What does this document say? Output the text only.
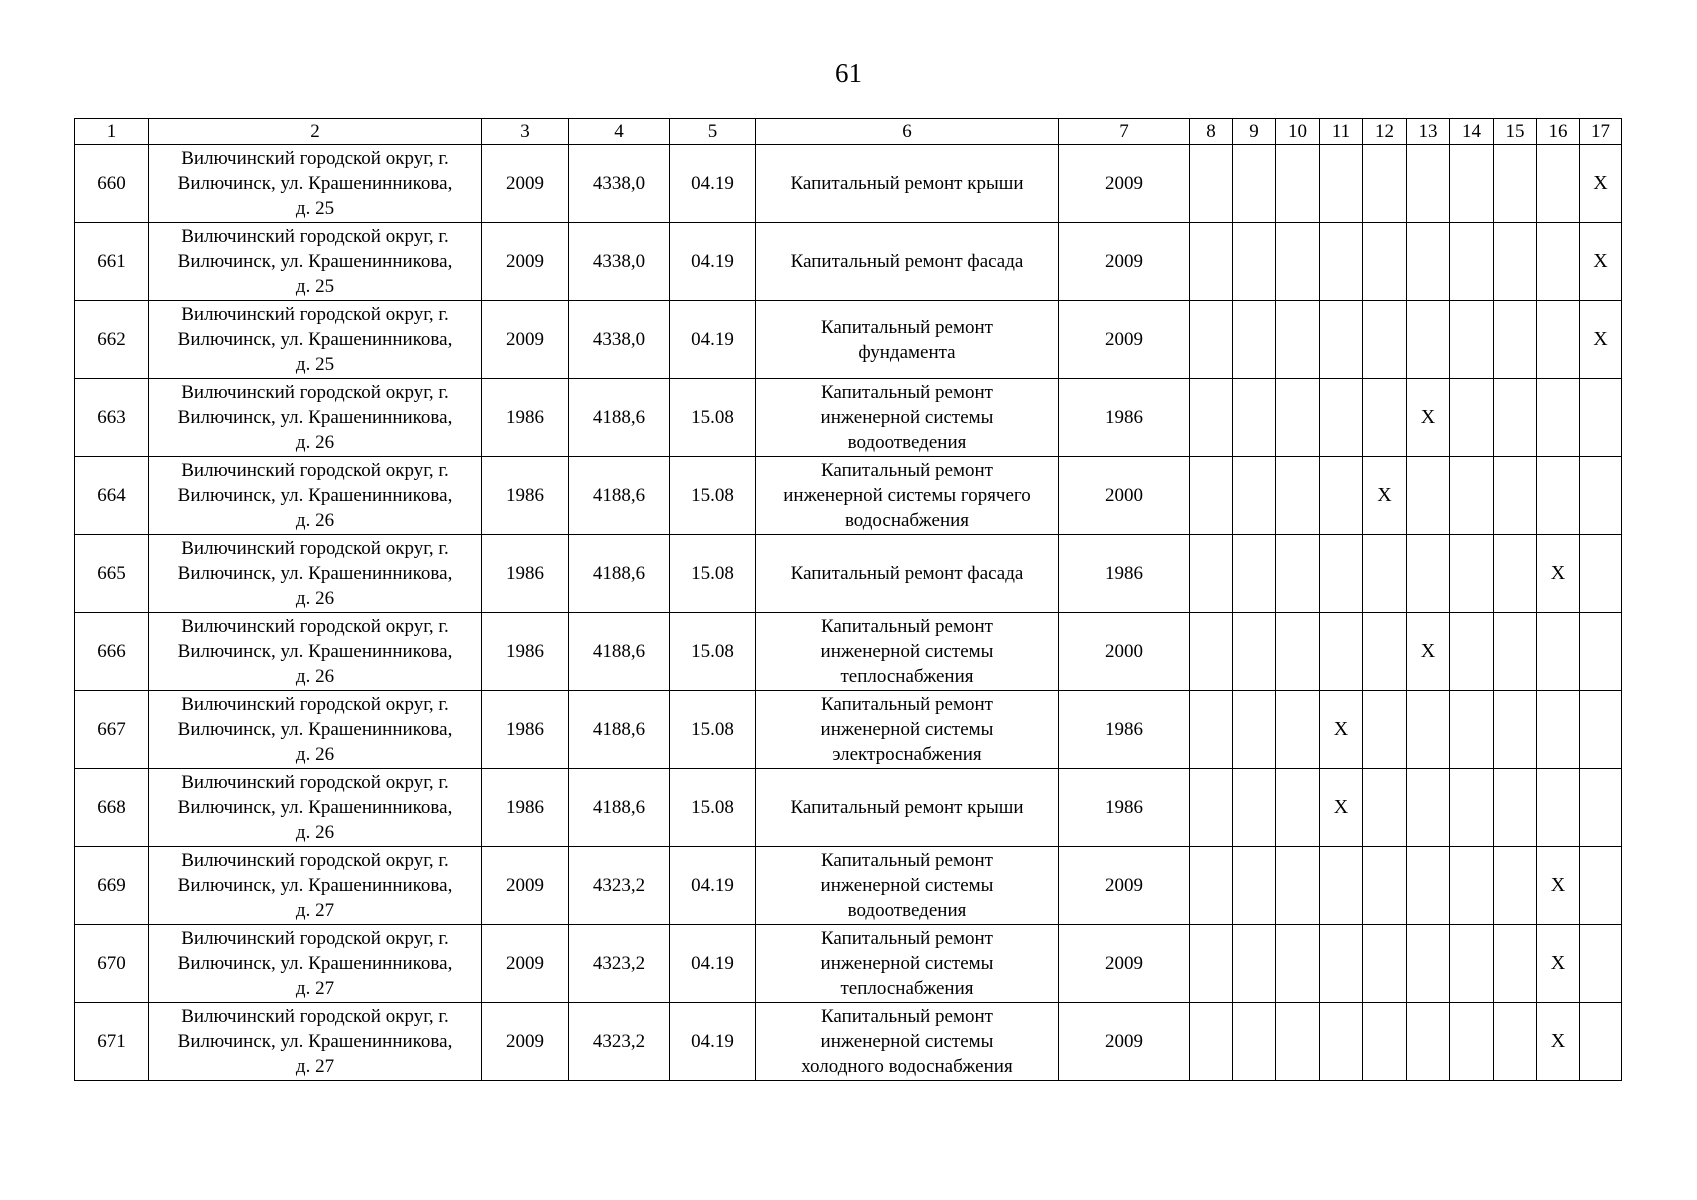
61
1	2	3	4	5	6	7	8	9	10	11	12	13	14	15	16	17
660	Вилючинский городской округ, г.
Вилючинск, ул. Крашенинникова,
д. 25	2009	4338,0	04.19	Капитальный ремонт крыши	2009										X
661	Вилючинский городской округ, г.
Вилючинск, ул. Крашенинникова,
д. 25	2009	4338,0	04.19	Капитальный ремонт фасада	2009										X
662	Вилючинский городской округ, г.
Вилючинск, ул. Крашенинникова,
д. 25	2009	4338,0	04.19	Капитальный ремонт
фундамента	2009										X
663	Вилючинский городской округ, г.
Вилючинск, ул. Крашенинникова,
д. 26	1986	4188,6	15.08	Капитальный ремонт
инженерной системы
водоотведения	1986						X				
664	Вилючинский городской округ, г.
Вилючинск, ул. Крашенинникова,
д. 26	1986	4188,6	15.08	Капитальный ремонт
инженерной системы горячего
водоснабжения	2000					X					
665	Вилючинский городской округ, г.
Вилючинск, ул. Крашенинникова,
д. 26	1986	4188,6	15.08	Капитальный ремонт фасада	1986									X	
666	Вилючинский городской округ, г.
Вилючинск, ул. Крашенинникова,
д. 26	1986	4188,6	15.08	Капитальный ремонт
инженерной системы
теплоснабжения	2000						X				
667	Вилючинский городской округ, г.
Вилючинск, ул. Крашенинникова,
д. 26	1986	4188,6	15.08	Капитальный ремонт
инженерной системы
электроснабжения	1986				X						
668	Вилючинский городской округ, г.
Вилючинск, ул. Крашенинникова,
д. 26	1986	4188,6	15.08	Капитальный ремонт крыши	1986				X						
669	Вилючинский городской округ, г.
Вилючинск, ул. Крашенинникова,
д. 27	2009	4323,2	04.19	Капитальный ремонт
инженерной системы
водоотведения	2009									X	
670	Вилючинский городской округ, г.
Вилючинск, ул. Крашенинникова,
д. 27	2009	4323,2	04.19	Капитальный ремонт
инженерной системы
теплоснабжения	2009									X	
671	Вилючинский городской округ, г.
Вилючинск, ул. Крашенинникова,
д. 27	2009	4323,2	04.19	Капитальный ремонт
инженерной системы
холодного водоснабжения	2009									X	
